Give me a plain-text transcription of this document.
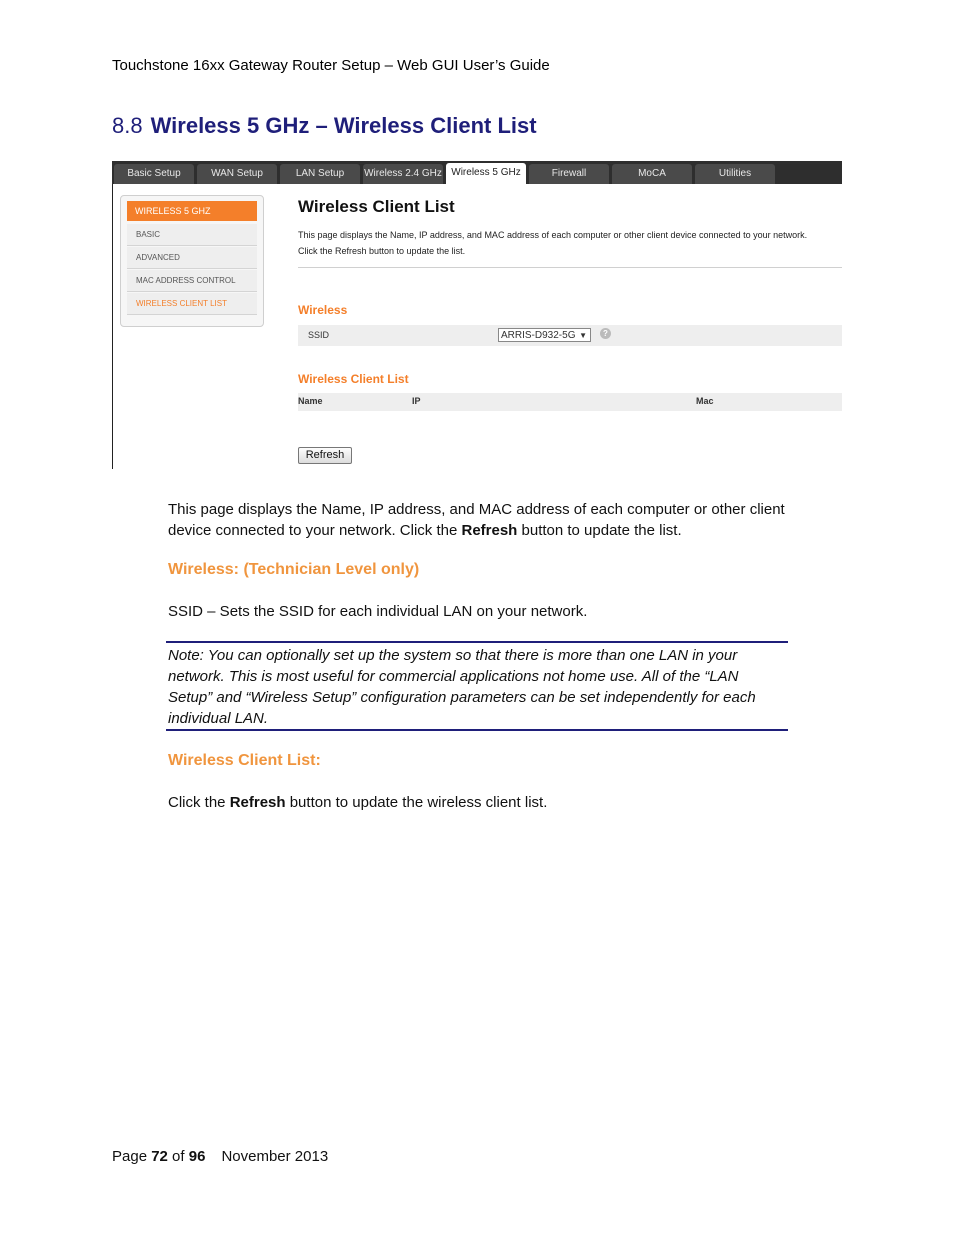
Touchstone 16xx Gateway Router Setup – Web GUI User’s Guide
8.8 Wireless 5 GHz – Wireless Client List
Basic Setup	WAN Setup	LAN Setup	Wireless 2.4 GHz Wireless 5 GHz	Firewall	MoCA	Utilities
WIRELESS 5 GHZ
BASIC
ADVANCED
MAC ADDRESS CONTROL
WIRELESS CLIENT LIST
Wireless Client List
This page displays the Name, IP address, and MAC address of each computer or other client device connected to your network.
Click the Refresh button to update the list.
Wireless
SSID	ARRIS-D932-5G ▼	?
Wireless Client List
Name	IP	Mac
Refresh
This page displays the Name, IP address, and MAC address of each computer or other client device connected to your network. Click the Refresh button to update the list.
Wireless: (Technician Level only)
SSID – Sets the SSID for each individual LAN on your network.
Note: You can optionally set up the system so that there is more than one LAN in your network. This is most useful for commercial applications not home use. All of the “LAN Setup” and “Wireless Setup” configuration parameters can be set independently for each individual LAN.
Wireless Client List:
Click the Refresh button to update the wireless client list.
Page 72 of 96 November 2013
